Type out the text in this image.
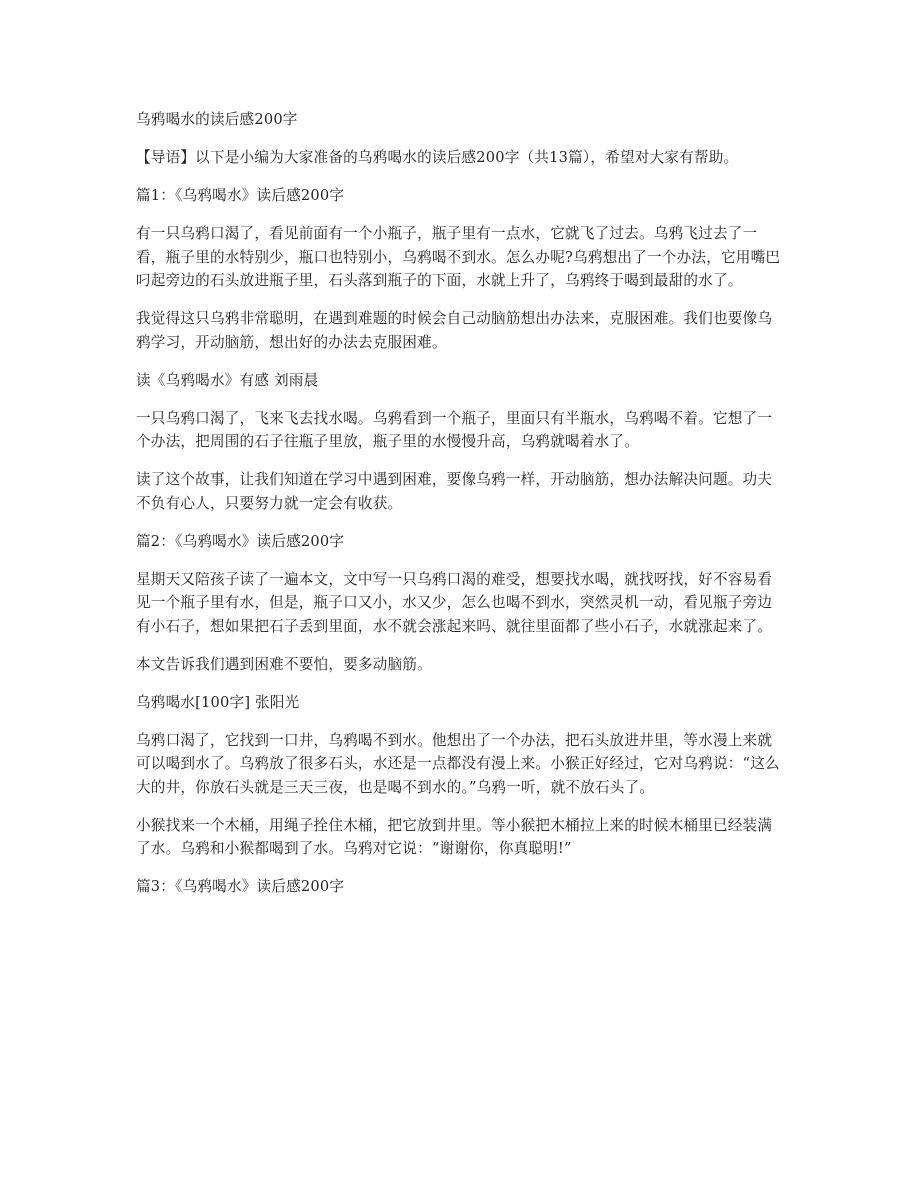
乌鸦喝水的读后感200字

【导语】以下是小编为大家准备的乌鸦喝水的读后感200字（共13篇），希望对大家有帮助。

篇1：《乌鸦喝水》读后感200字

有一只乌鸦口渴了，看见前面有一个小瓶子，瓶子里有一点水，它就飞了过去。乌鸦飞过去了一看，瓶子里的水特别少，瓶口也特别小，乌鸦喝不到水。怎么办呢?乌鸦想出了一个办法，它用嘴巴叼起旁边的石头放进瓶子里，石头落到瓶子的下面，水就上升了，乌鸦终于喝到最甜的水了。

我觉得这只乌鸦非常聪明，在遇到难题的时候会自己动脑筋想出办法来，克服困难。我们也要像乌鸦学习，开动脑筋，想出好的办法去克服困难。

读《乌鸦喝水》有感 刘雨晨

一只乌鸦口渴了，飞来飞去找水喝。乌鸦看到一个瓶子，里面只有半瓶水，乌鸦喝不着。它想了一个办法，把周围的石子往瓶子里放，瓶子里的水慢慢升高，乌鸦就喝着水了。

读了这个故事，让我们知道在学习中遇到困难，要像乌鸦一样，开动脑筋，想办法解决问题。功夫不负有心人，只要努力就一定会有收获。

篇2：《乌鸦喝水》读后感200字

星期天又陪孩子读了一遍本文，文中写一只乌鸦口渴的难受，想要找水喝，就找呀找，好不容易看见一个瓶子里有水，但是，瓶子口又小，水又少，怎么也喝不到水，突然灵机一动，看见瓶子旁边有小石子，想如果把石子丢到里面，水不就会涨起来吗、就往里面都了些小石子，水就涨起来了。

本文告诉我们遇到困难不要怕，要多动脑筋。

乌鸦喝水[100字] 张阳光

乌鸦口渴了，它找到一口井，乌鸦喝不到水。他想出了一个办法，把石头放进井里，等水漫上来就可以喝到水了。乌鸦放了很多石头，水还是一点都没有漫上来。小猴正好经过，它对乌鸦说：“这么大的井，你放石头就是三天三夜，也是喝不到水的。”乌鸦一听，就不放石头了。

小猴找来一个木桶，用绳子拴住木桶，把它放到井里。等小猴把木桶拉上来的时候木桶里已经装满了水。乌鸦和小猴都喝到了水。乌鸦对它说：“谢谢你，你真聪明!”

篇3：《乌鸦喝水》读后感200字
